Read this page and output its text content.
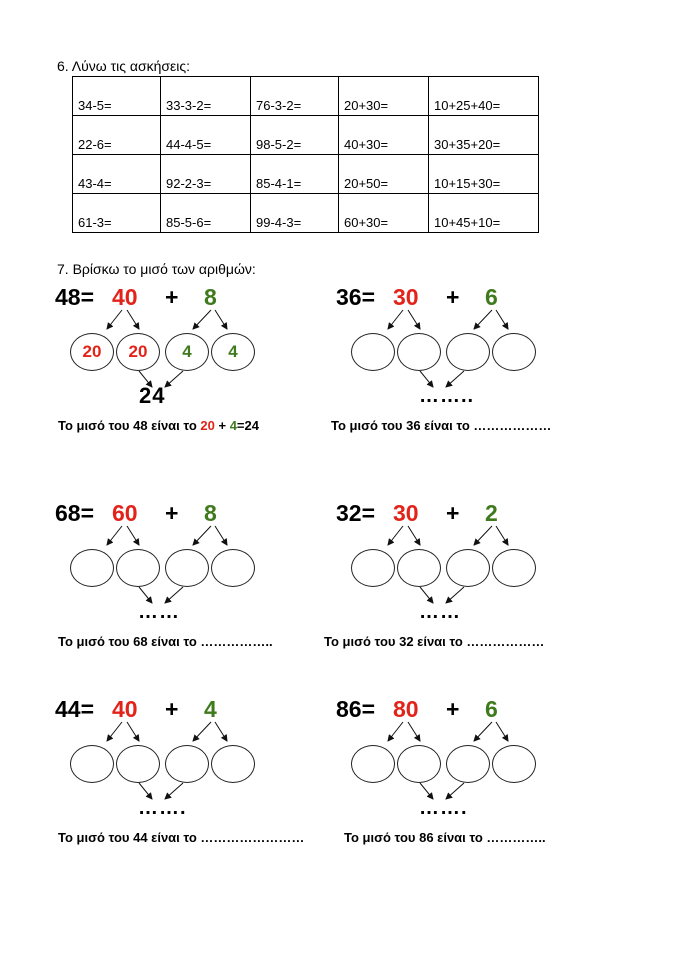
6. Λύνω τις ασκήσεις:
34-5=	33-3-2=	76-3-2=	20+30=	10+25+40=
22-6=	44-4-5=	98-5-2=	40+30=	30+35+20=
43-4=	92-2-3=	85-4-1=	20+50=	10+15+30=
61-3=	85-5-6=	99-4-3=	60+30=	10+45+10=
7. Βρίσκω το μισό των αριθμών:
48= 40 + 8
20	20	4	4
24
Το μισό του 48 είναι το 20 + 4=24
36= 30 + 6
……..
Το μισό του 36 είναι το ………………
68= 60 + 8
……
Το μισό του 68 είναι το ……………..
32= 30 + 2
……
Το μισό του 32 είναι το ………………
44= 40 + 4
…….
Το μισό του 44 είναι το ……………………
86= 80 + 6
…….
Το μισό του 86 είναι το …………..
